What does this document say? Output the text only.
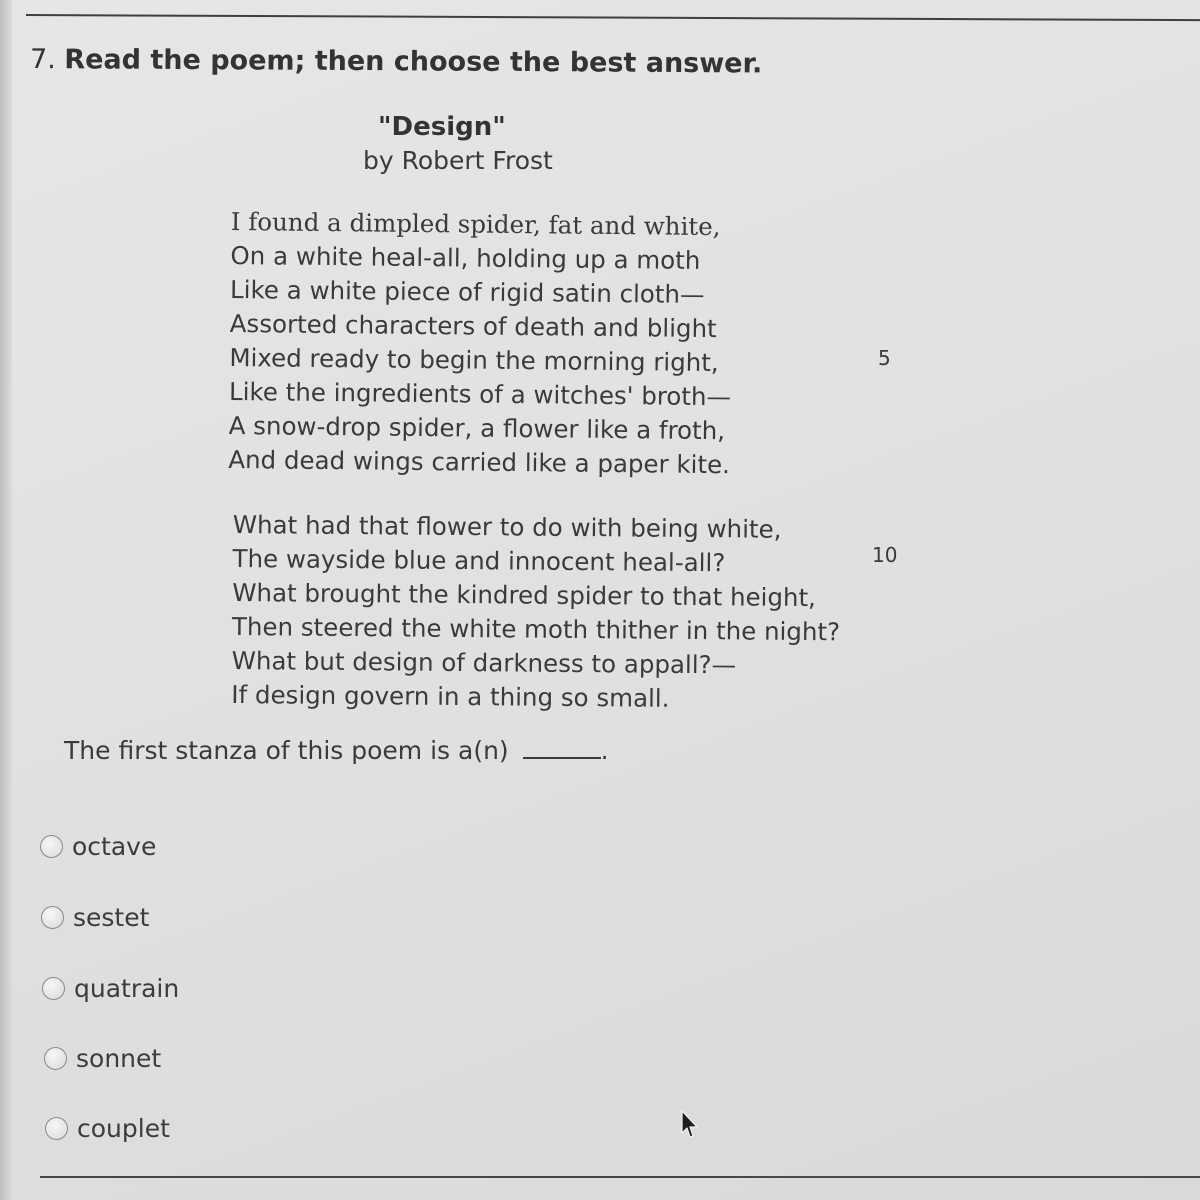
7. Read the poem; then choose the best answer.
"Design"
by Robert Frost
I found a dimpled spider, fat and white,
On a white heal-all, holding up a moth
Like a white piece of rigid satin cloth—
Assorted characters of death and blight
Mixed ready to begin the morning right,
Like the ingredients of a witches' broth—
A snow-drop spider, a flower like a froth,
And dead wings carried like a paper kite.
5
What had that flower to do with being white,
The wayside blue and innocent heal-all?
What brought the kindred spider to that height,
Then steered the white moth thither in the night?
What but design of darkness to appall?—
If design govern in a thing so small.
10
The first stanza of this poem is a(n)	.
octave
sestet
quatrain
sonnet
couplet
